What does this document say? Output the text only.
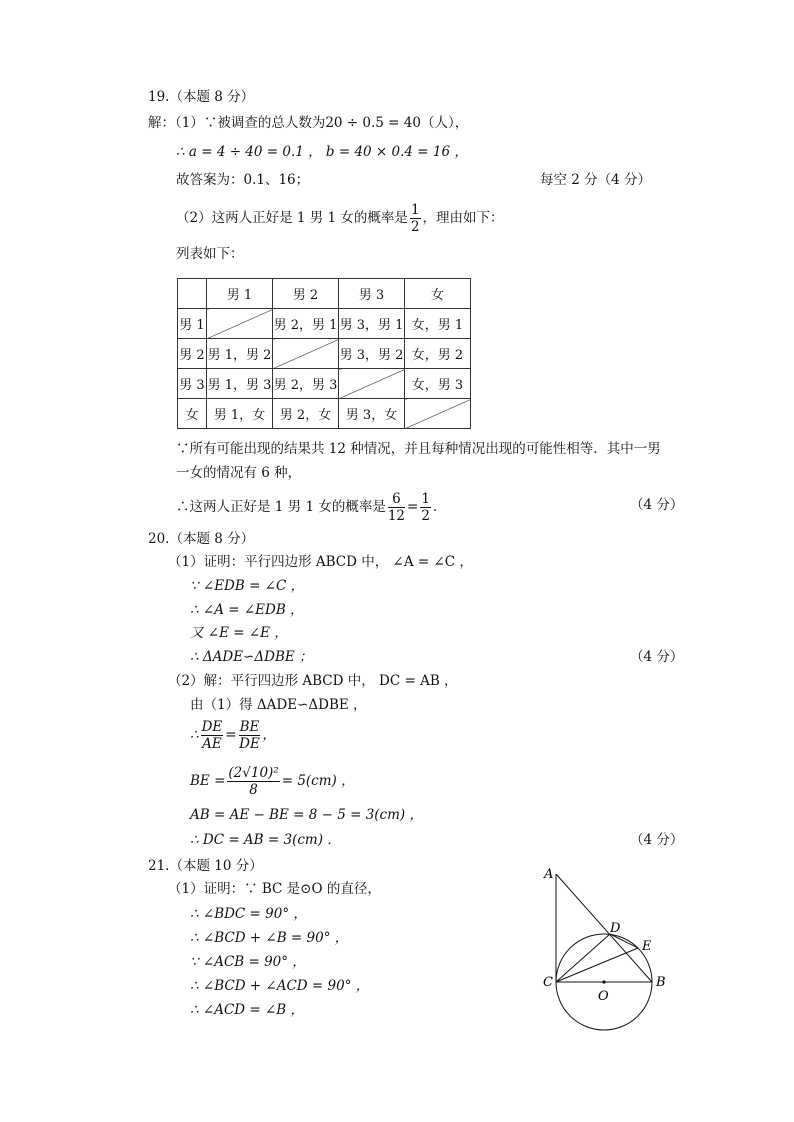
19.（本题 8 分）
解：（1）∵被调查的总人数为20 ÷ 0.5 = 40（人），
∴ a = 4 ÷ 40 = 0.1 ， b = 40 × 0.4 = 16 ，
故答案为：0.1、16；	每空 2 分（4 分）
（2）这两人正好是 1 男 1 女的概率是 $\frac{1}{2}$ ，理由如下：
列表如下：
	男 1	男 2	男 3	女
男 1		男 2，男 1	男 3，男 1	女，男 1
男 2	男 1，男 2		男 3，男 2	女，男 2
男 3	男 1，男 3	男 2，男 3		女，男 3
女	男 1，女	男 2，女	男 3，女	
∵所有可能出现的结果共 12 种情况，并且每种情况出现的可能性相等．其中一男
一女的情况有 6 种，
∴这两人正好是 1 男 1 女的概率是 $\frac{6}{12} = \frac{1}{2}$ ．	（4 分）
20.（本题 8 分）
（1）证明：平行四边形 ABCD 中， ∠A = ∠C ，
∵ ∠EDB = ∠C ，
∴ ∠A = ∠EDB ，
又 ∠E = ∠E ，
∴ ΔADE∽ΔDBE ；	（4 分）
（2）解：平行四边形 ABCD 中， DC = AB ，
由（1）得 ΔADE∽ΔDBE ，
∴ $\frac{DE}{AE} = \frac{BE}{DE}$ ，
BE = $\frac{\text{(2√10)²}}{8} = 5(cm)$ ，
AB = AE − BE = 8 − 5 = 3(cm) ，
∴ DC = AB = 3(cm) ．	（4 分）
21.（本题 10 分）
（1）证明：∵ BC 是⊙O 的直径，
∴ ∠BDC = 90° ，
∴ ∠BCD + ∠B = 90° ，
∵ ∠ACB = 90° ，
∴ ∠BCD + ∠ACD = 90° ，
∴ ∠ACD = ∠B ，
A
B
C
D
E
O
